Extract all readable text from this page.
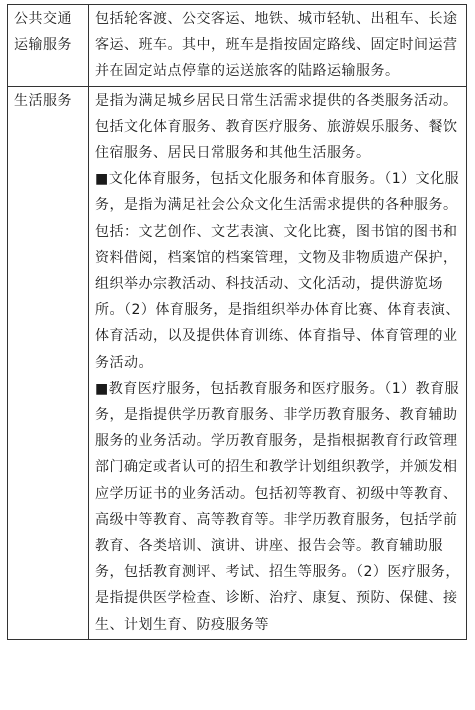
公共交通运输服务	包括轮客渡、公交客运、地铁、城市轻轨、出租车、长途客运、班车。其中，班车是指按固定路线、固定时间运营并在固定站点停靠的运送旅客的陆路运输服务。

生活服务	是指为满足城乡居民日常生活需求提供的各类服务活动。包括文化体育服务、教育医疗服务、旅游娱乐服务、餐饮住宿服务、居民日常服务和其他生活服务。

■文化体育服务，包括文化服务和体育服务。（1）文化服务，是指为满足社会公众文化生活需求提供的各种服务。包括：文艺创作、文艺表演、文化比赛，图书馆的图书和资料借阅，档案馆的档案管理，文物及非物质遗产保护，组织举办宗教活动、科技活动、文化活动，提供游览场所。（2）体育服务，是指组织举办体育比赛、体育表演、体育活动，以及提供体育训练、体育指导、体育管理的业务活动。

■教育医疗服务，包括教育服务和医疗服务。（1）教育服务，是指提供学历教育服务、非学历教育服务、教育辅助服务的业务活动。学历教育服务，是指根据教育行政管理部门确定或者认可的招生和教学计划组织教学，并颁发相应学历证书的业务活动。包括初等教育、初级中等教育、高级中等教育、高等教育等。非学历教育服务，包括学前教育、各类培训、演讲、讲座、报告会等。教育辅助服务，包括教育测评、考试、招生等服务。（2）医疗服务，是指提供医学检查、诊断、治疗、康复、预防、保健、接生、计划生育、防疫服务等
